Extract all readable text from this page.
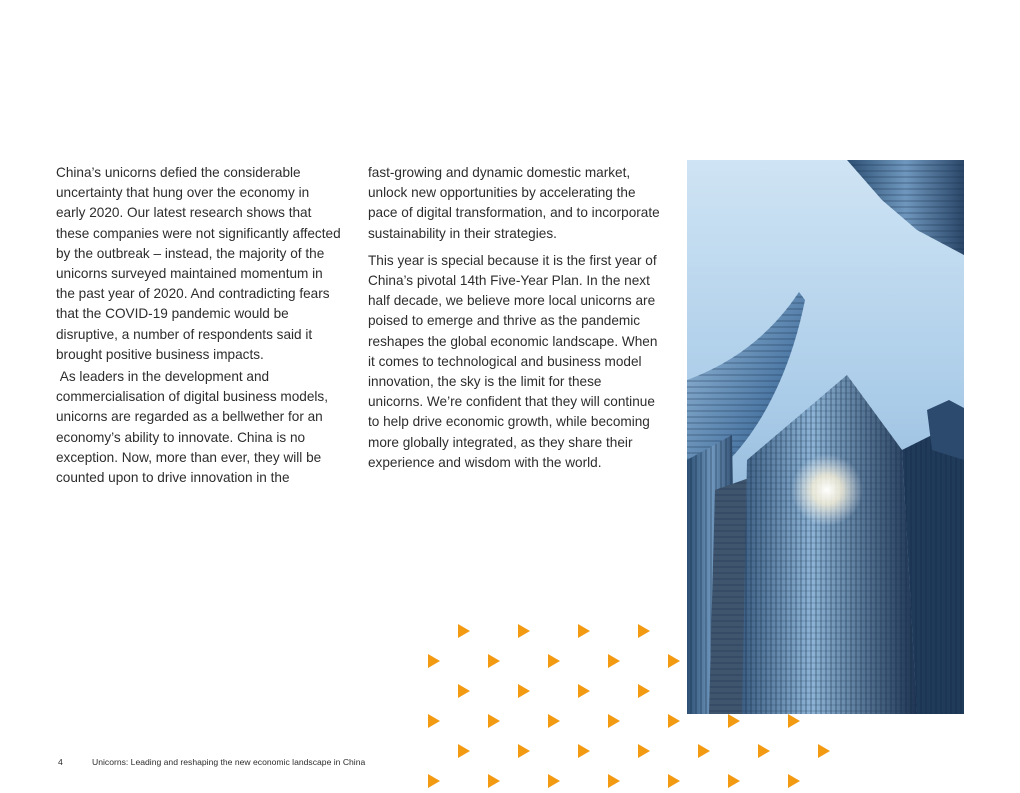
China’s unicorns defied the considerable uncertainty that hung over the economy in early 2020. Our latest research shows that these companies were not significantly affected by the outbreak – instead, the majority of the unicorns surveyed maintained momentum in the past year of 2020. And contradicting fears that the COVID-19 pandemic would be disruptive, a number of respondents said it brought positive business impacts.

As leaders in the development and commercialisation of digital business models, unicorns are regarded as a bellwether for an economy’s ability to innovate. China is no exception. Now, more than ever, they will be counted upon to drive innovation in the

fast-growing and dynamic domestic market, unlock new opportunities by accelerating the pace of digital transformation, and to incorporate sustainability in their strategies.

This year is special because it is the first year of China’s pivotal 14th Five-Year Plan. In the next half decade, we believe more local unicorns are poised to emerge and thrive as the pandemic reshapes the global economic landscape. When it comes to technological and business model innovation, the sky is the limit for these unicorns. We’re confident that they will continue to help drive economic growth, while becoming more globally integrated, as they share their experience and wisdom with the world.

4	Unicorns: Leading and reshaping the new economic landscape in China
